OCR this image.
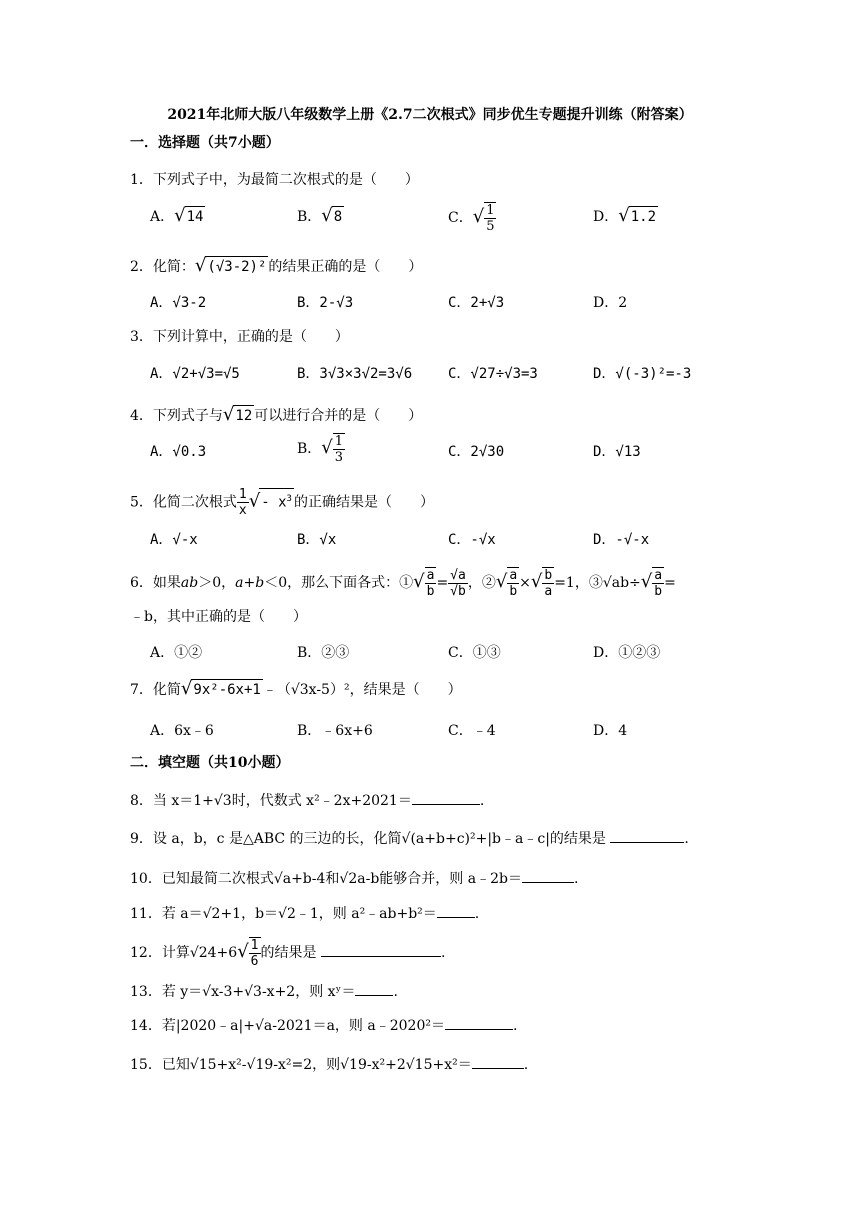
2021年北师大版八年级数学上册《2.7二次根式》同步优生专题提升训练（附答案）
一．选择题（共7小题）
1．下列式子中，为最简二次根式的是（　　）
A．√14	B．√8	C．√ $\frac{1}{5}$	D．√1.2
2．化简：√(√3-2)² 的结果正确的是（　　）
A．√3-2	B．2-√3	C．2+√3	D．2
3．下列计算中，正确的是（　　）
A．√2+√3=√5	B．3√3×3√2=3√6	C．√27÷√3=3	D．√(-3)²=-3
4．下列式子与√12 可以进行合并的是（　　）
A．√0.3	B．√ $\frac{1}{3}$	C．2√30	D．√13
5．化简二次根式 $\frac{1}{x}$ √- $x^3$ 的正确结果是（　　）
A．√-x	B．√x	C．-√x	D．-√-x
6．如果ab＞0，a+b＜0，那么下面各式：①√ $\frac{a}{b} = \frac{√a}{√b}$ ，②√ $\frac{a}{b}$ ×√ $\frac{b}{a} =1$，③√ab÷√ $\frac{a}{b}$ =
﹣b，其中正确的是（　　）
A．①②	B．②③	C．①③	D．①②③
7．化简√9x²-6x+1 ﹣（√3x-5）²，结果是（　　）
A．6x﹣6	B．﹣6x+6	C．﹣4	D．4
二．填空题（共10小题）
8．当 x＝1+√3时，代数式 x²﹣2x+2021＝	.
9．设 a，b，c 是△ABC 的三边的长，化简√(a+b+c)²+|b﹣a﹣c|的结果是	.
10．已知最简二次根式√a+b-4和√2a-b能够合并，则 a﹣2b＝	.
11．若 a＝√2+1，b＝√2﹣1，则 a²﹣ab+b²＝	.
12．计算$√24+6√ \frac{1}{6}$ 的结果是	.
13．若 y＝√x-3+√3-x+2，则 xʸ＝	.
14．若|2020﹣a|+√a-2021＝a，则 a﹣2020²＝	.
15．已知√15+x²-√19-x²=2，则√19-x²+2√15+x²＝	.
